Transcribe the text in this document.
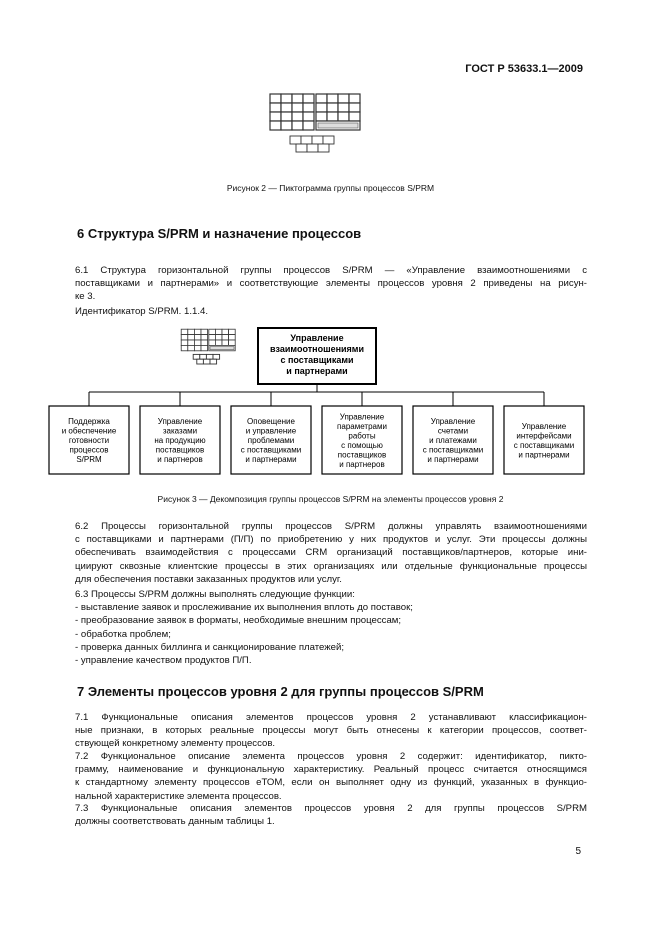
ГОСТ Р 53633.1—2009
Рисунок 2 — Пиктограмма группы процессов S/PRM
6 Структура S/PRM и назначение процессов
6.1 Структура горизонтальной группы процессов S/PRM — «Управление взаимоотношениями с
поставщиками и партнерами» и соответствующие элементы процессов уровня 2 приведены на рисун-
ке 3.
Идентификатор S/PRM. 1.1.4.
Управление
взаимоотношениями
с поставщиками
и партнерами
Поддержка
и обеспечение
готовности
процессов
S/PRM
Управление
заказами
на продукцию
поставщиков
и партнеров
Оповещение
и управление
проблемами
с поставщиками
и партнерами
Управление
параметрами
работы
с помощью
поставщиков
и партнеров
Управление
счетами
и платежами
с поставщиками
и партнерами
Управление
интерфейсами
с поставщиками
и партнерами
Рисунок 3 — Декомпозиция группы процессов S/PRM на элементы процессов уровня 2
6.2 Процессы горизонтальной группы процессов S/PRM должны управлять взаимоотношениями
с поставщиками и партнерами (П/П) по приобретению у них продуктов и услуг. Эти процессы должны
обеспечивать взаимодействия с процессами CRM организаций поставщиков/партнеров, которые ини-
циируют сквозные клиентские процессы в этих организациях или отдельные функциональные процессы
для обеспечения поставки заказанных продуктов или услуг.
6.3 Процессы S/PRM должны выполнять следующие функции:
- выставление заявок и прослеживание их выполнения вплоть до поставок;
- преобразование заявок в форматы, необходимые внешним процессам;
- обработка проблем;
- проверка данных биллинга и санкционирование платежей;
- управление качеством продуктов П/П.
7 Элементы процессов уровня 2 для группы процессов S/PRM
7.1 Функциональные описания элементов процессов уровня 2 устанавливают классификацион-
ные признаки, в которых реальные процессы могут быть отнесены к категории процессов, соответ-
ствующей конкретному элементу процессов.
7.2 Функциональное описание элемента процессов уровня 2 содержит: идентификатор, пикто-
грамму, наименование и функциональную характеристику. Реальный процесс считается относящимся
к стандартному элементу процессов еТОМ, если он выполняет одну из функций, указанных в функцио-
нальной характеристике элемента процессов.
7.3 Функциональные описания элементов процессов уровня 2 для группы процессов S/PRM
должны соответствовать данным таблицы 1.
5
